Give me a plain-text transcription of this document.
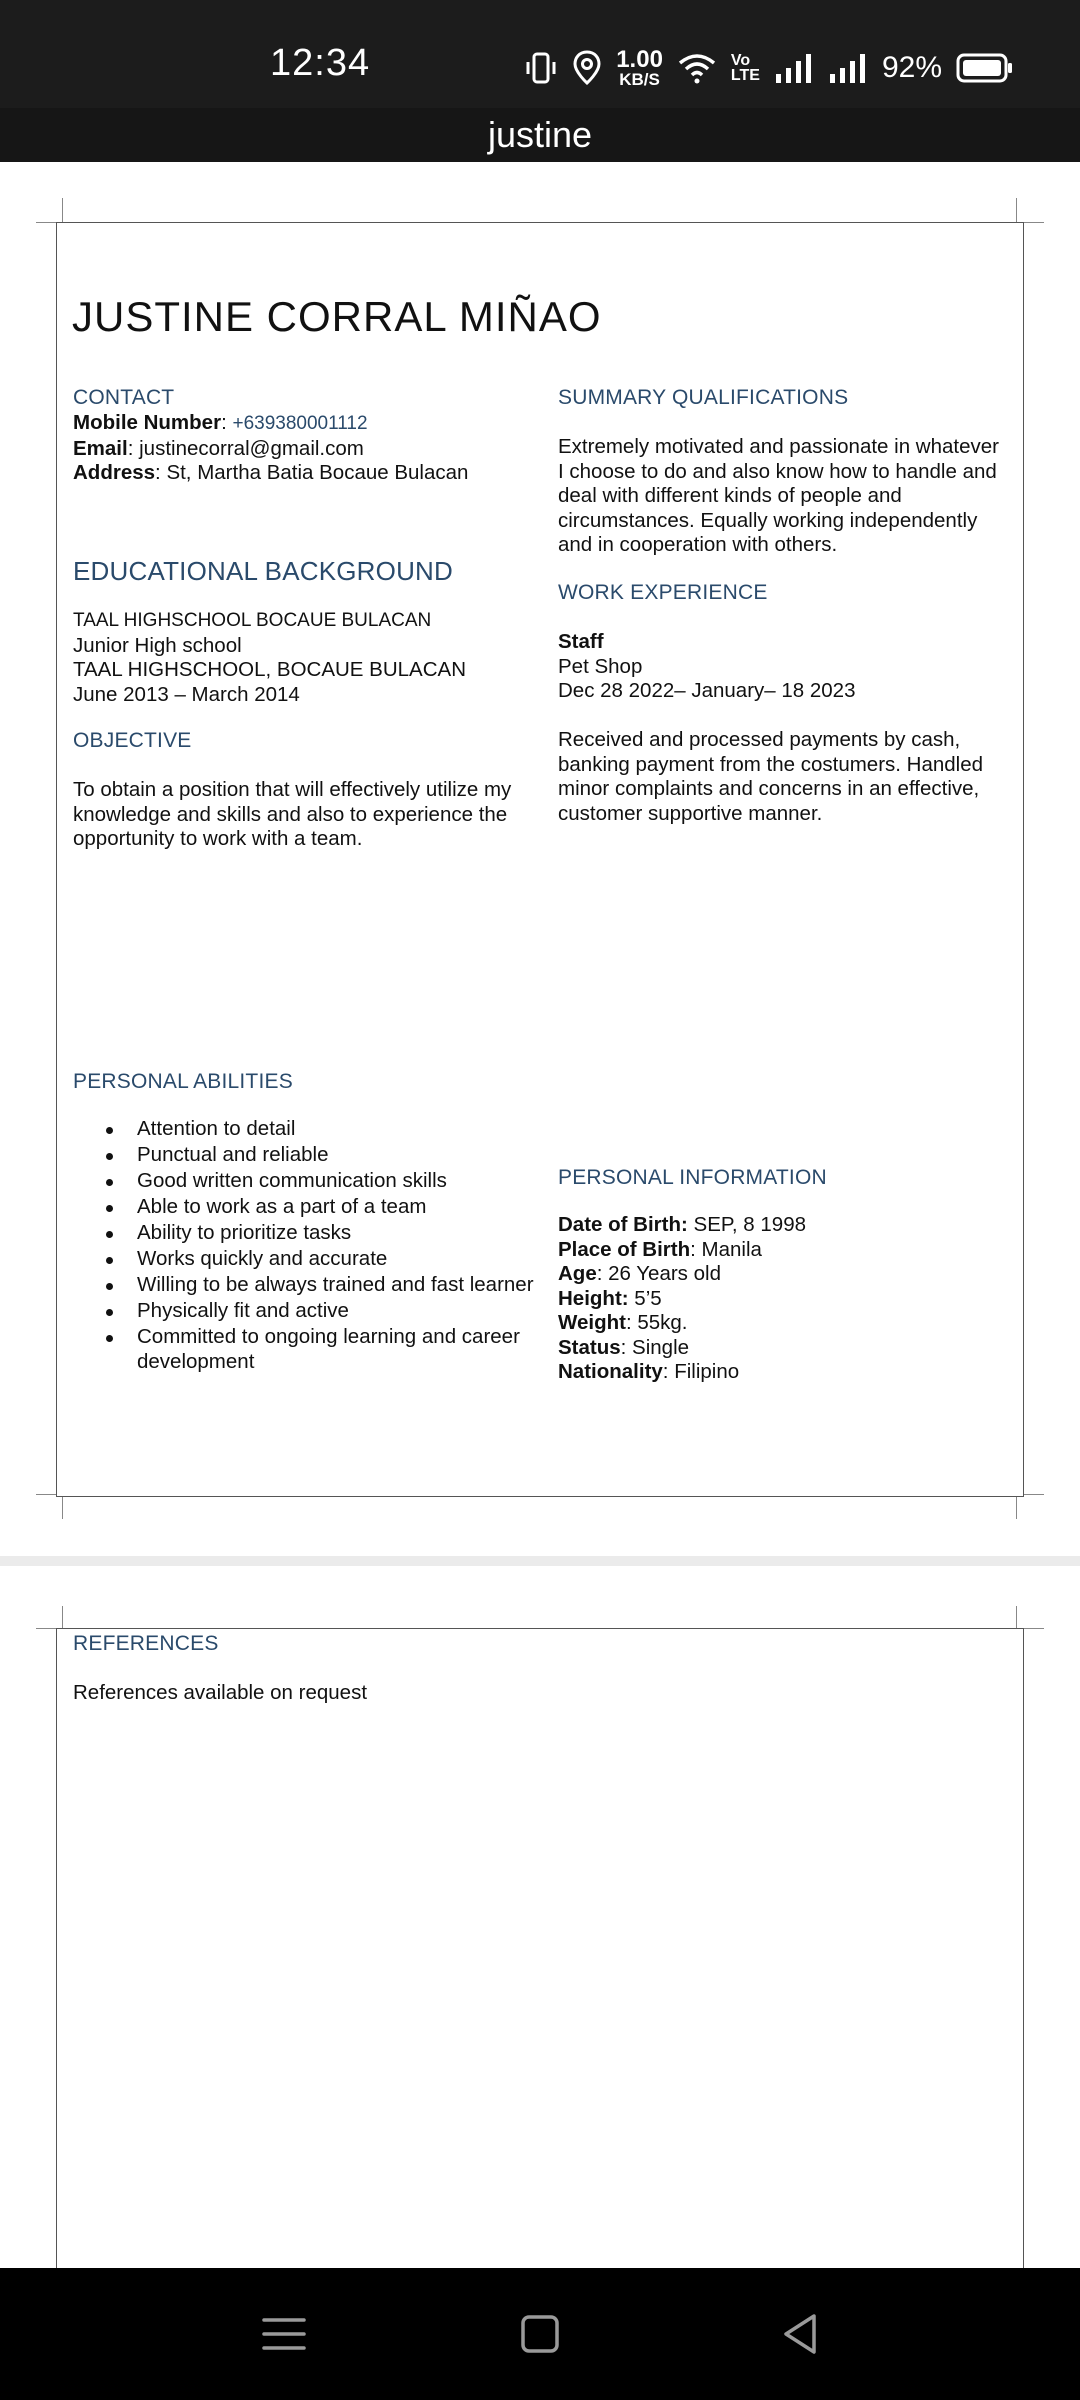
12:34	1.00
KB/S
Vo
LTE	92%
justine
JUSTINE CORRAL MIÑAO
CONTACT
Mobile Number: +639380001112
Email: justinecorral@gmail.com
Address: St, Martha Batia Bocaue Bulacan
EDUCATIONAL BACKGROUND
TAAL HIGHSCHOOL BOCAUE BULACAN
Junior High school
TAAL HIGHSCHOOL, BOCAUE BULACAN
June 2013 – March 2014
OBJECTIVE
To obtain a position that will effectively utilize my knowledge and skills and also to experience the opportunity to work with a team.
SUMMARY QUALIFICATIONS
Extremely motivated and passionate in whatever I choose to do and also know how to handle and deal with different kinds of people and circumstances. Equally working independently and in cooperation with others.
WORK EXPERIENCE
Staff
Pet Shop
Dec 28 2022– January– 18 2023
Received and processed payments by cash, banking payment from the costumers. Handled minor complaints and concerns in an effective, customer supportive manner.
PERSONAL ABILITIES
Attention to detail
Punctual and reliable
Good written communication skills
Able to work as a part of a team
Ability to prioritize tasks
Works quickly and accurate
Willing to be always trained and fast learner
Physically fit and active
Committed to ongoing learning and career development
PERSONAL INFORMATION
Date of Birth: SEP, 8 1998
Place of Birth: Manila
Age: 26 Years old
Height: 5’5
Weight: 55kg.
Status: Single
Nationality: Filipino
REFERENCES
References available on request
